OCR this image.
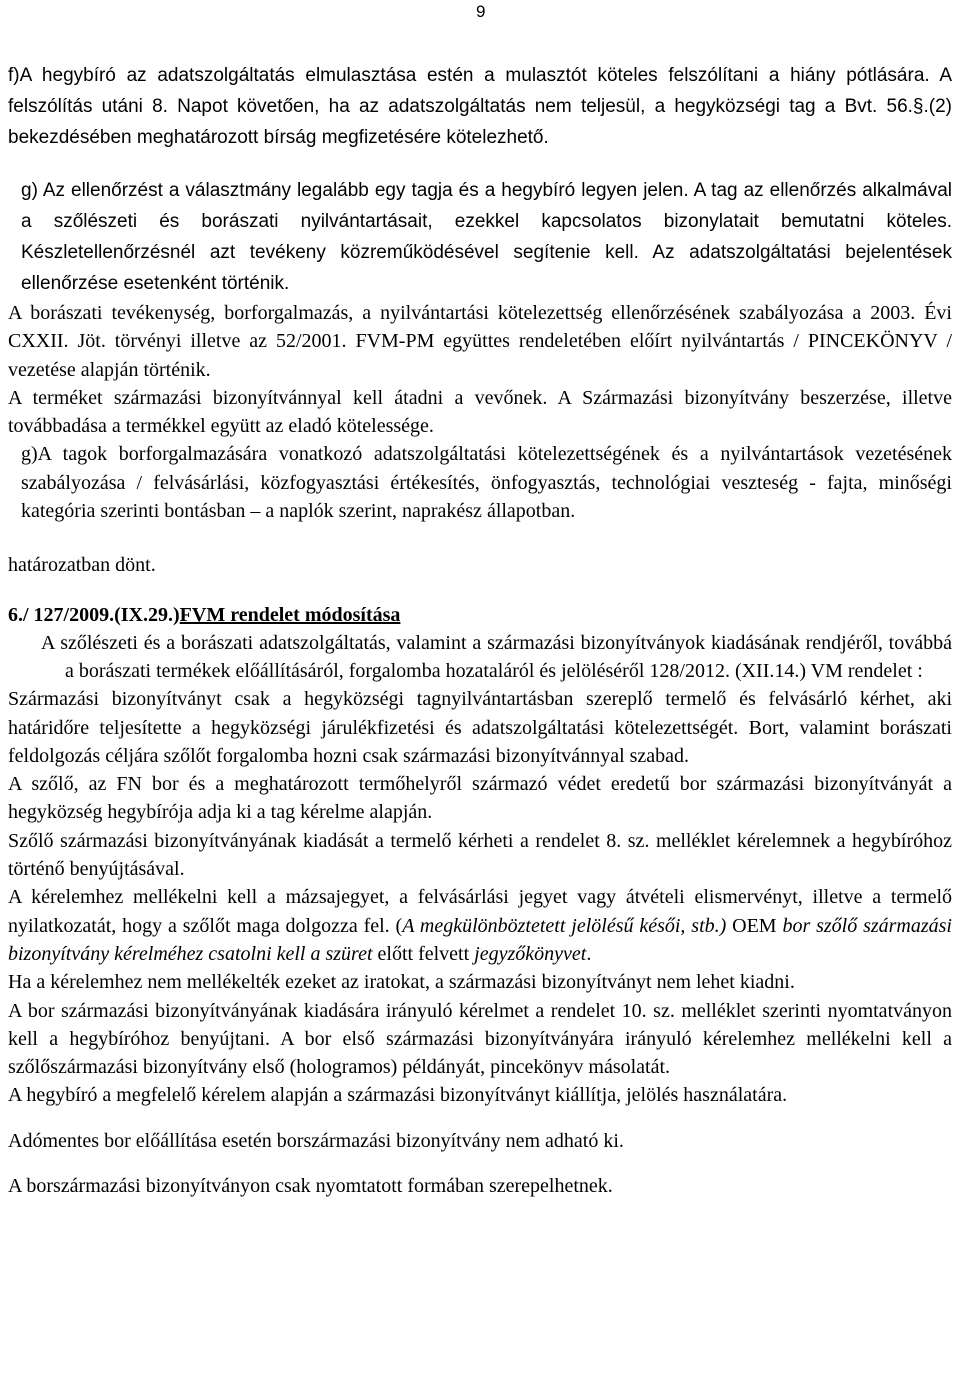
9

f)A hegybíró az adatszolgáltatás elmulasztása estén a mulasztót köteles felszólítani a hiány pótlására. A felszólítás utáni 8. Napot követően, ha az adatszolgáltatás nem teljesül, a hegyközségi tag a Bvt. 56.§.(2) bekezdésében meghatározott bírság megfizetésére kötelezhető.

g) Az ellenőrzést a választmány legalább egy tagja és a hegybíró legyen jelen. A tag az ellenőrzés alkalmával a szőlészeti és borászati nyilvántartásait, ezekkel kapcsolatos bizonylatait bemutatni köteles. Készletellenőrzésnél azt tevékeny közreműködésével segítenie kell. Az adatszolgáltatási bejelentések ellenőrzése esetenként történik.

A borászati tevékenység, borforgalmazás, a nyilvántartási kötelezettség ellenőrzésének szabályozása a 2003. Évi CXXII. Jöt. törvényi illetve az 52/2001. FVM-PM együttes rendeletében előírt nyilvántartás / PINCEKÖNYV / vezetése alapján történik.

A terméket származási bizonyítvánnyal kell átadni a vevőnek. A Származási bizonyítvány beszerzése, illetve továbbadása a termékkel együtt az eladó kötelessége.

g)A tagok borforgalmazására vonatkozó adatszolgáltatási kötelezettségének és a nyilvántartások vezetésének szabályozása / felvásárlási, közfogyasztási értékesítés, önfogyasztás, technológiai veszteség - fajta, minőségi kategória szerinti bontásban – a naplók szerint, naprakész állapotban.

határozatban dönt.

6./ 127/2009.(IX.29.)FVM rendelet módosítása

A szőlészeti és a borászati adatszolgáltatás, valamint a származási bizonyítványok kiadásának rendjéről, továbbá a borászati termékek előállításáról, forgalomba hozataláról és jelöléséről 128/2012. (XII.14.) VM rendelet :

Származási bizonyítványt csak a hegyközségi tagnyilvántartásban szereplő termelő és felvásárló kérhet, aki határidőre teljesítette a hegyközségi járulékfizetési és adatszolgáltatási kötelezettségét. Bort, valamint borászati feldolgozás céljára szőlőt forgalomba hozni csak származási bizonyítvánnyal szabad.

A szőlő, az FN bor és a meghatározott termőhelyről származó védet eredetű bor származási bizonyítványát a hegyközség hegybírója adja ki a tag kérelme alapján.

Szőlő származási bizonyítványának kiadását a termelő kérheti a rendelet 8. sz. melléklet kérelemnek a hegybíróhoz történő benyújtásával.

A kérelemhez mellékelni kell a mázsajegyet, a felvásárlási jegyet vagy átvételi elismervényt, illetve a termelő nyilatkozatát, hogy a szőlőt maga dolgozza fel. (A megkülönböztetett jelölésű késői, stb.) OEM bor szőlő származási bizonyítvány kérelméhez csatolni kell a szüret előtt felvett jegyzőkönyvet.

Ha a kérelemhez nem mellékelték ezeket az iratokat, a származási bizonyítványt nem lehet kiadni.

A bor származási bizonyítványának kiadására irányuló kérelmet a rendelet 10. sz. melléklet szerinti nyomtatványon kell a hegybíróhoz benyújtani. A bor első származási bizonyítványára irányuló kérelemhez mellékelni kell a szőlőszármazási bizonyítvány első (hologramos) példányát, pincekönyv másolatát.

A hegybíró a megfelelő kérelem alapján a származási bizonyítványt kiállítja, jelölés használatára.

Adómentes bor előállítása esetén borszármazási bizonyítvány nem adható ki.

A borszármazási bizonyítványon csak nyomtatott formában szerepelhetnek.
